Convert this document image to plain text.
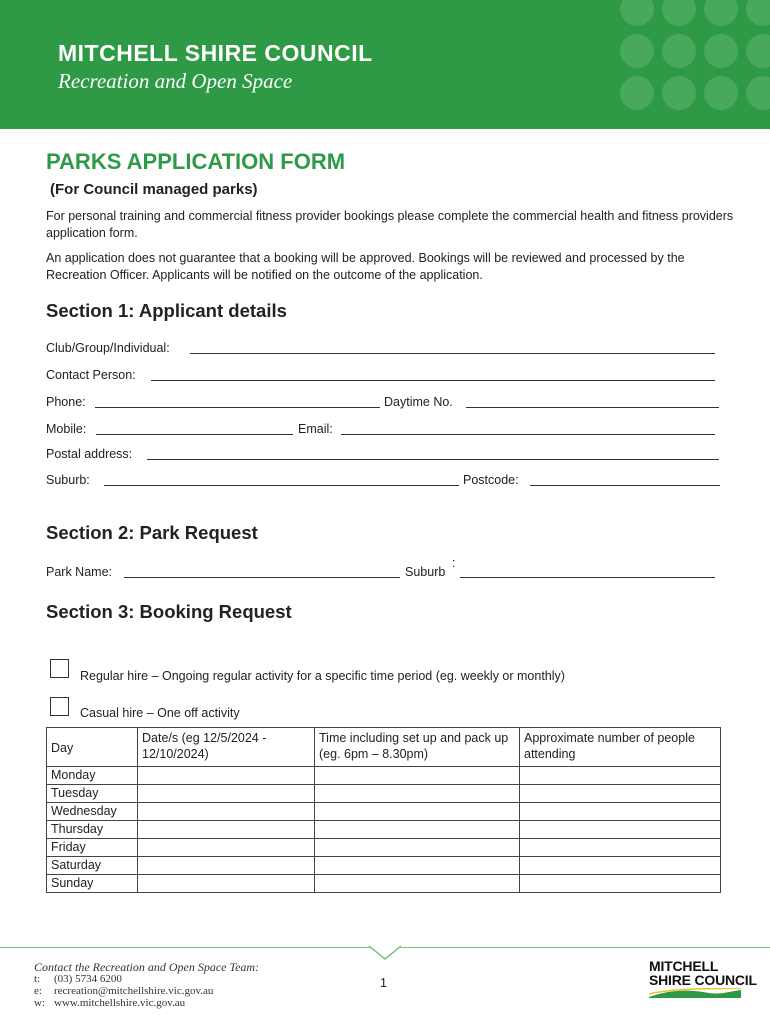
MITCHELL SHIRE COUNCIL
Recreation and Open Space
PARKS APPLICATION FORM
(For Council managed parks)
For personal training and commercial fitness provider bookings please complete the commercial health and fitness providers application form.
An application does not guarantee that a booking will be approved. Bookings will be reviewed and processed by the Recreation Officer. Applicants will be notified on the outcome of the application.
Section 1: Applicant details
Club/Group/Individual:
Contact Person:
Phone:	Daytime No.
Mobile:	Email:
Postal address:
Suburb:	Postcode:
Section 2: Park Request
Park Name:	Suburb
:
Section 3: Booking Request
Regular hire – Ongoing regular activity for a specific time period (eg. weekly or monthly)
Casual hire – One off activity
Day	Date/s (eg 12/5/2024 - 12/10/2024)	Time including set up and pack up (eg. 6pm – 8.30pm)	Approximate number of people attending
Monday			
Tuesday			
Wednesday			
Thursday			
Friday			
Saturday			
Sunday			
Contact the Recreation and Open Space Team:
t: (03) 5734 6200
e: recreation@mitchellshire.vic.gov.au
w: www.mitchellshire.vic.gov.au
1
MITCHELL
SHIRE COUNCIL
